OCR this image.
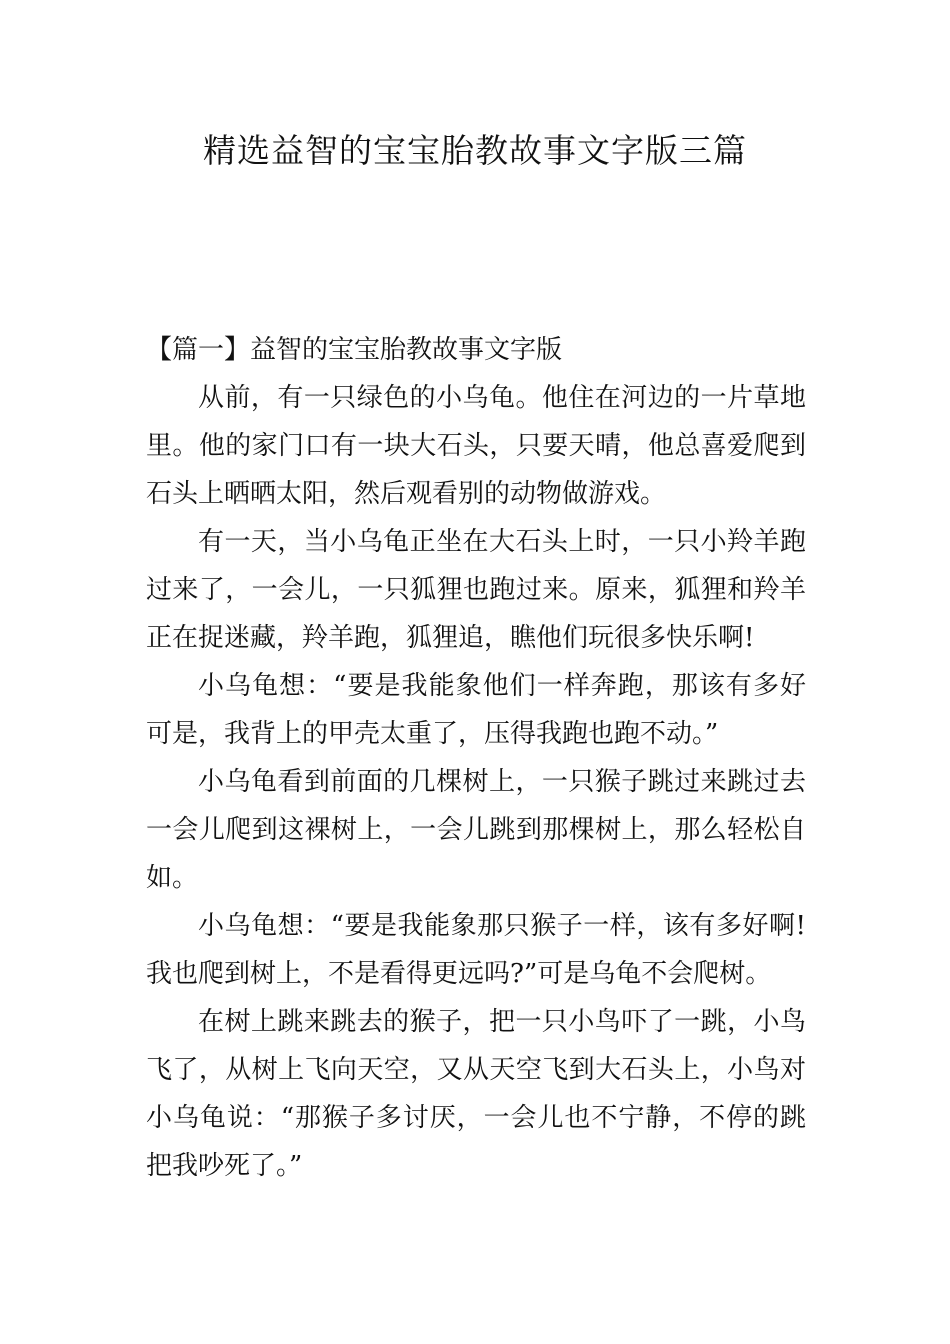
精选益智的宝宝胎教故事文字版三篇
【篇一】益智的宝宝胎教故事文字版

从前，有一只绿色的小乌龟。他住在河边的一片草地里。他的家门口有一块大石头，只要天晴，他总喜爱爬到石头上晒晒太阳，然后观看别的动物做游戏。

有一天，当小乌龟正坐在大石头上时，一只小羚羊跑过来了，一会儿，一只狐狸也跑过来。原来，狐狸和羚羊正在捉迷藏，羚羊跑，狐狸追，瞧他们玩很多快乐啊!

小乌龟想：“要是我能象他们一样奔跑，那该有多好可是，我背上的甲壳太重了，压得我跑也跑不动。”

小乌龟看到前面的几棵树上，一只猴子跳过来跳过去一会儿爬到这裸树上，一会儿跳到那棵树上，那么轻松自如。

小乌龟想：“要是我能象那只猴子一样，该有多好啊!我也爬到树上，不是看得更远吗?”可是乌龟不会爬树。

在树上跳来跳去的猴子，把一只小鸟吓了一跳，小鸟飞了，从树上飞向天空，又从天空飞到大石头上，小鸟对小乌龟说：“那猴子多讨厌，一会儿也不宁静，不停的跳把我吵死了。”
